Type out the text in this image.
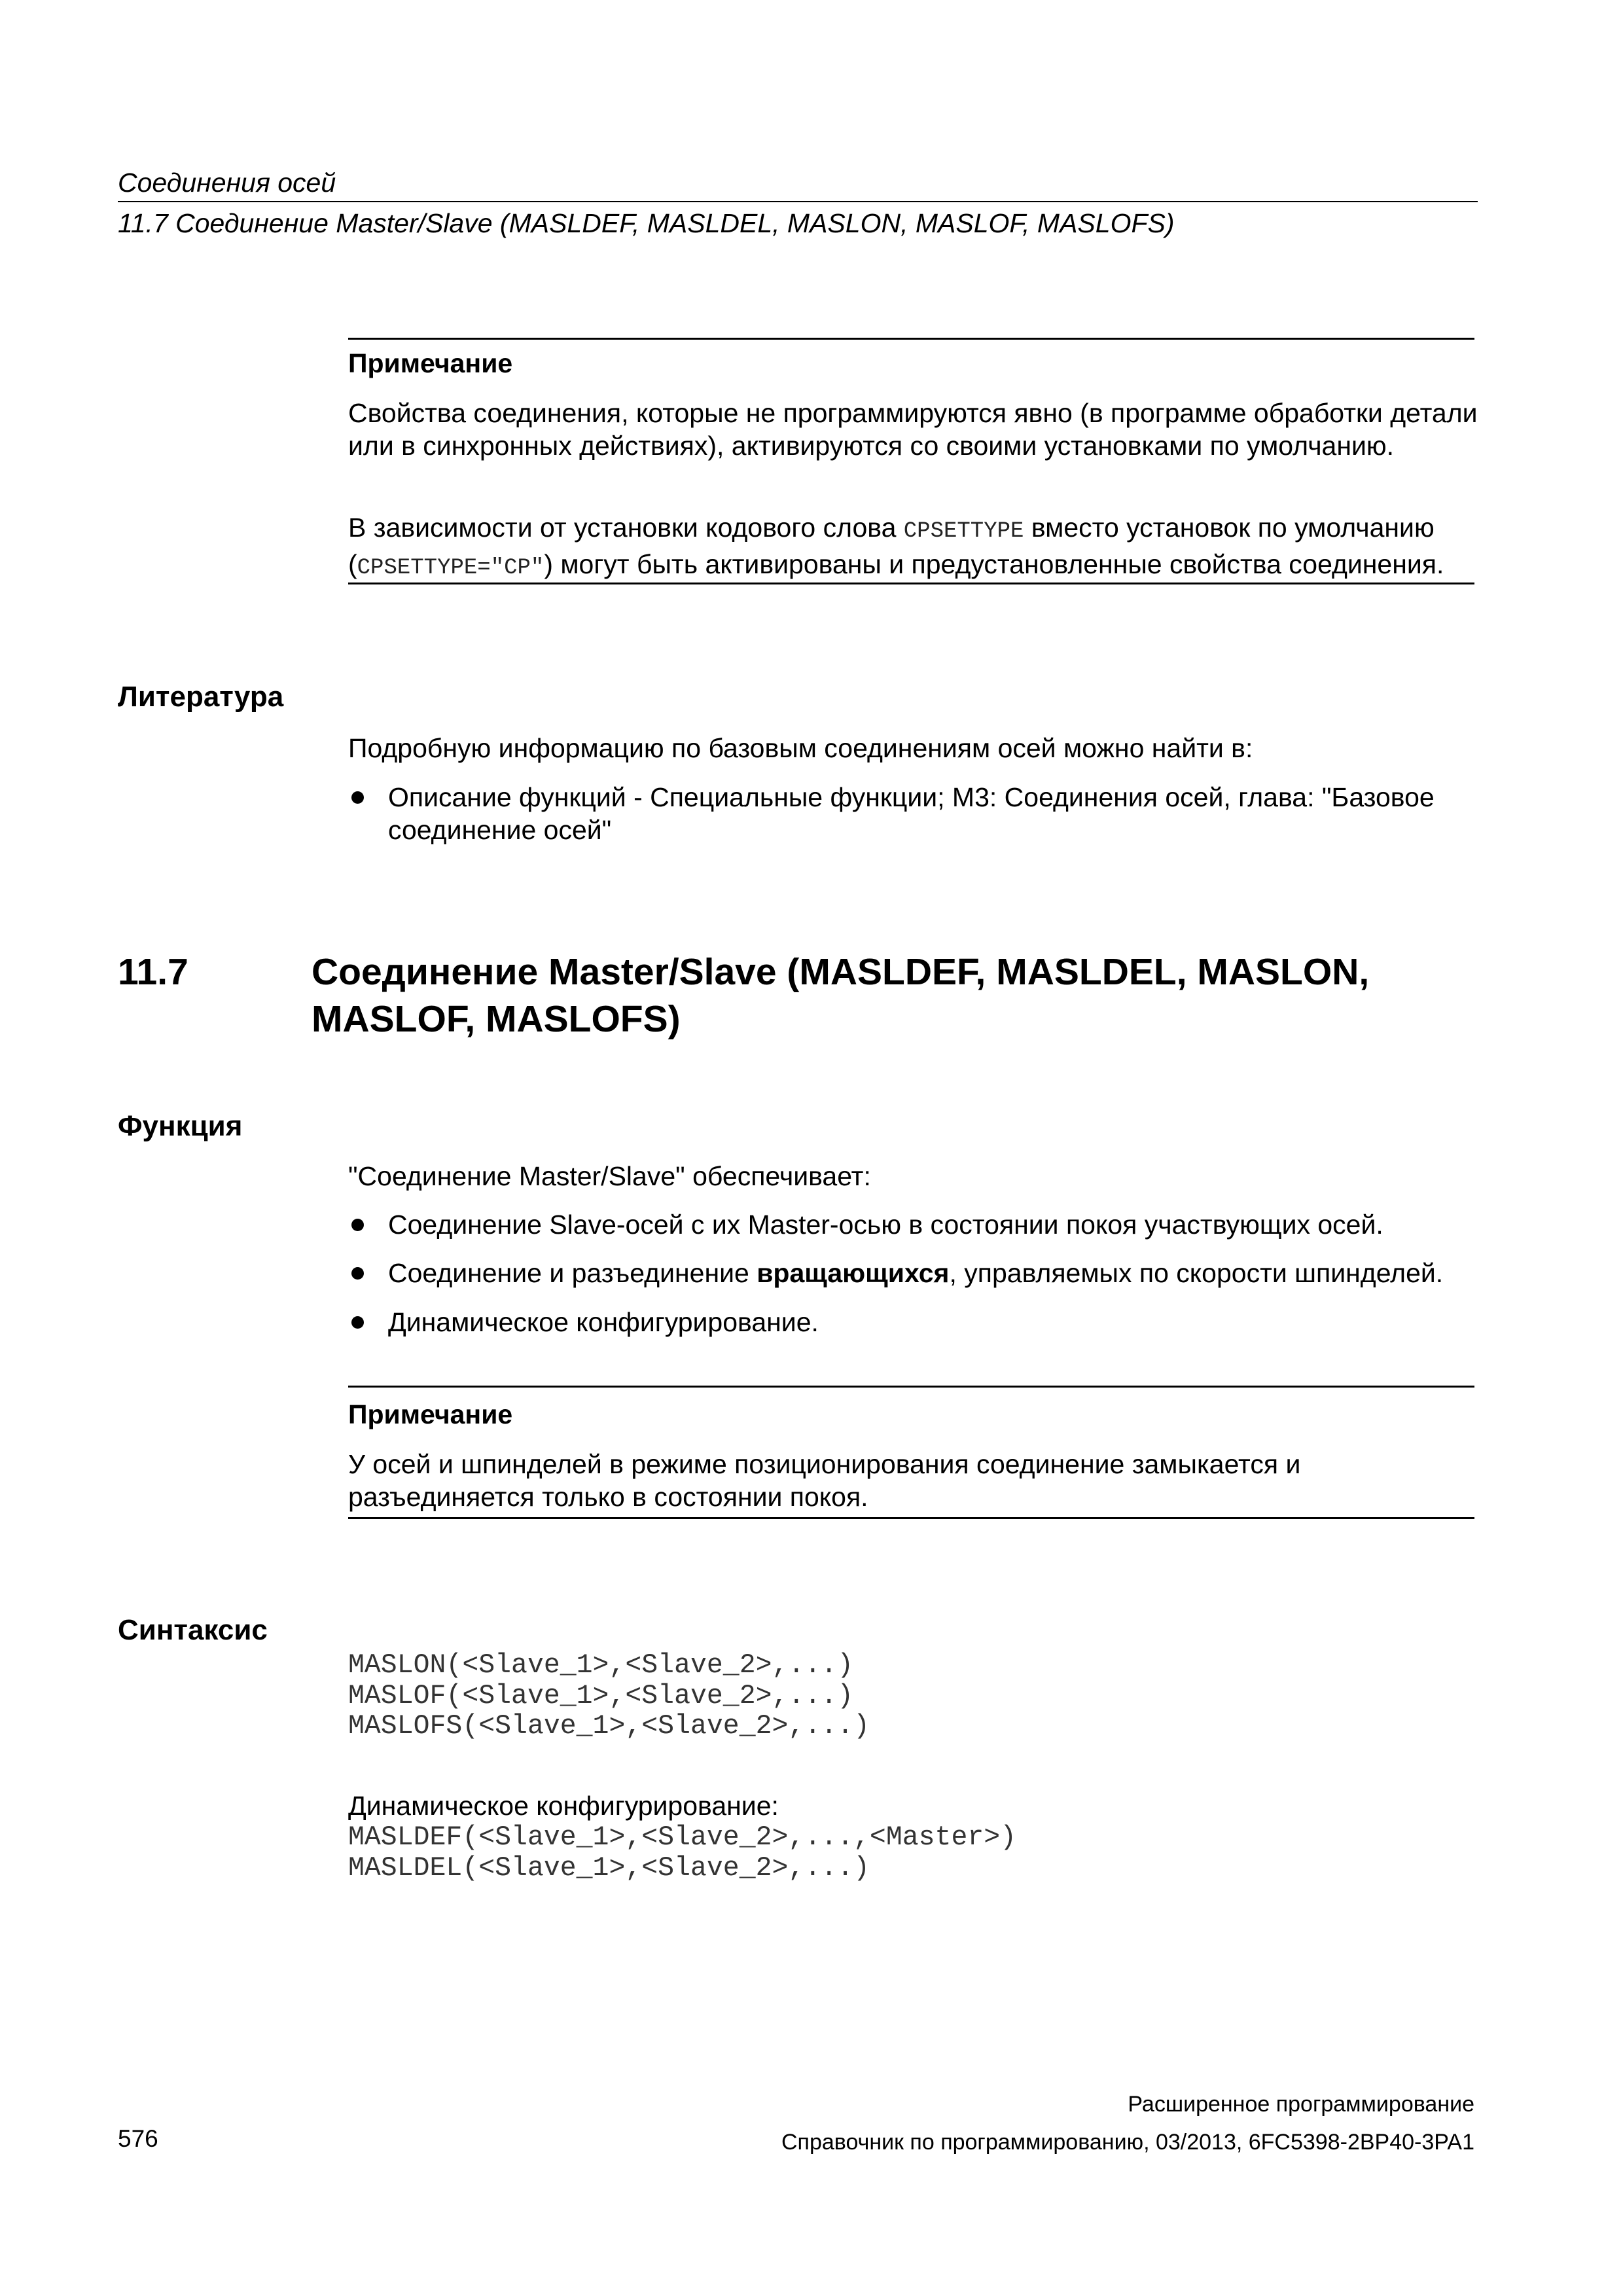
Соединения осей
11.7 Соединение Master/Slave (MASLDEF, MASLDEL, MASLON, MASLOF, MASLOFS)
Примечание

Свойства соединения, которые не программируются явно (в программе обработки детали или в синхронных действиях), активируются со своими установками по умолчанию.

В зависимости от установки кодового слова CPSETTYPE вместо установок по умолчанию (CPSETTYPE="CP") могут быть активированы и предустановленные свойства соединения.

Литература
Подробную информацию по базовым соединениям осей можно найти в:
Описание функций - Специальные функции; M3: Соединения осей, глава: "Базовое соединение осей"
11.7	Соединение Master/Slave (MASLDEF, MASLDEL, MASLON, MASLOF, MASLOFS)
Функция
"Соединение Master/Slave" обеспечивает:
Соединение Slave-осей с их Master-осью в состоянии покоя участвующих осей.
Соединение и разъединение вращающихся, управляемых по скорости шпинделей.
Динамическое конфигурирование.
Примечание

У осей и шпинделей в режиме позиционирования соединение замыкается и разъединяется только в состоянии покоя.

Синтаксис
MASLON(<Slave_1>,<Slave_2>,...)
MASLOF(<Slave_1>,<Slave_2>,...)
MASLOFS(<Slave_1>,<Slave_2>,...)
Динамическое конфигурирование:
MASLDEF(<Slave_1>,<Slave_2>,...,<Master>)
MASLDEL(<Slave_1>,<Slave_2>,...)
Расширенное программирование
576	Справочник по программированию, 03/2013, 6FC5398-2BP40-3PA1
